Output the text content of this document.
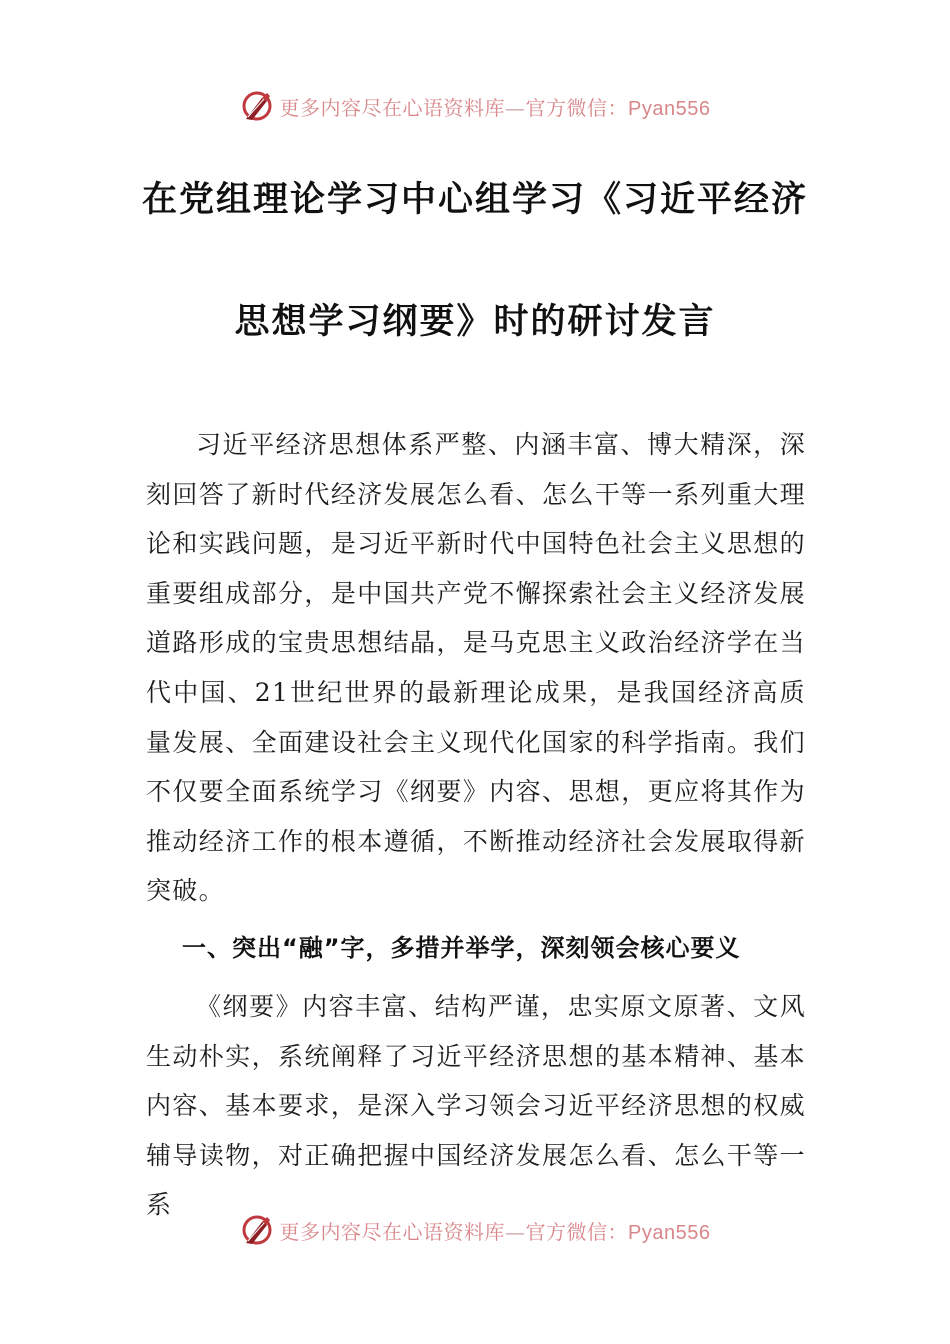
更多内容尽在心语资料库—官方微信：Pyan556
在党组理论学习中心组学习《习近平经济
思想学习纲要》时的研讨发言

习近平经济思想体系严整、内涵丰富、博大精深，深刻回答了新时代经济发展怎么看、怎么干等一系列重大理论和实践问题，是习近平新时代中国特色社会主义思想的重要组成部分，是中国共产党不懈探索社会主义经济发展道路形成的宝贵思想结晶，是马克思主义政治经济学在当代中国、21世纪世界的最新理论成果，是我国经济高质量发展、全面建设社会主义现代化国家的科学指南。我们不仅要全面系统学习《纲要》内容、思想，更应将其作为推动经济工作的根本遵循，不断推动经济社会发展取得新突破。

一、突出“融”字，多措并举学，深刻领会核心要义

《纲要》内容丰富、结构严谨，忠实原文原著、文风生动朴实，系统阐释了习近平经济思想的基本精神、基本内容、基本要求，是深入学习领会习近平经济思想的权威辅导读物，对正确把握中国经济发展怎么看、怎么干等一系

更多内容尽在心语资料库—官方微信：Pyan556
